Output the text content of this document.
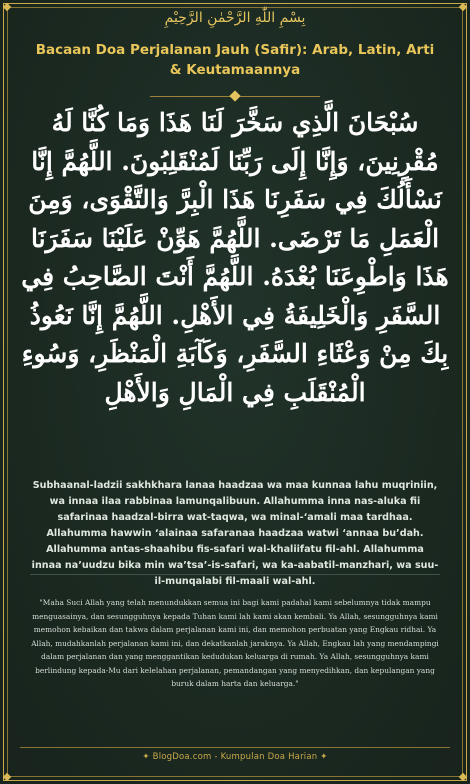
بِسْمِ اللّٰهِ الرَّحْمٰنِ الرَّحِيْمِ
Bacaan Doa Perjalanan Jauh (Safir): Arab, Latin, Arti & Keutamaannya
سُبْحَانَ الَّذِي سَخَّرَ لَنَا هَذَا وَمَا كُنَّا لَهُ مُقْرِنِينَ، وَإِنَّا إِلَى رَبِّنَا لَمُنْقَلِبُونَ. اللَّهُمَّ إِنَّا نَسْأَلُكَ فِي سَفَرِنَا هَذَا الْبِرَّ وَالتَّقْوَى، وَمِنَ الْعَمَلِ مَا تَرْضَى. اللَّهُمَّ هَوِّنْ عَلَيْنَا سَفَرَنَا هَذَا وَاطْوِعَنَا بُعْدَهُ. اللَّهُمَّ أَنْتَ الصَّاحِبُ فِي السَّفَرِ وَالْخَلِيفَةُ فِي الأَهْلِ. اللَّهُمَّ إِنَّا نَعُوذُ بِكَ مِنْ وَعْثَاءِ السَّفَرِ، وَكَآبَةِ الْمَنْظَرِ، وَسُوءِ الْمُنْقَلَبِ فِي الْمَالِ وَالأَهْلِ
Subhaanal-ladzii sakhkhara lanaa haadzaa wa maa kunnaa lahu muqriniin, wa innaa ilaa rabbinaa lamunqalibuun. Allahumma inna nas-aluka fii safarinaa haadzal-birra wat-taqwa, wa minal-‘amali maa tardhaa. Allahumma hawwin ‘alainaa safaranaa haadzaa watwi ‘annaa bu’dah. Allahumma antas-shaahibu fis-safari wal-khaliifatu fil-ahl. Allahumma innaa na’uudzu bika min wa’tsa’-is-safari, wa ka-aabatil-manzhari, wa suu-il-munqalabi fil-maali wal-ahl.
"Maha Suci Allah yang telah menundukkan semua ini bagi kami padahal kami sebelumnya tidak mampu menguasainya, dan sesungguhnya kepada Tuhan kami lah kami akan kembali. Ya Allah, sesungguhnya kami memohon kebaikan dan takwa dalam perjalanan kami ini, dan memohon perbuatan yang Engkau ridhai. Ya Allah, mudahkanlah perjalanan kami ini, dan dekatkanlah jaraknya. Ya Allah, Engkau lah yang mendampingi dalam perjalanan dan yang menggantikan kedudukan keluarga di rumah. Ya Allah, sesungguhnya kami berlindung kepada-Mu dari kelelahan perjalanan, pemandangan yang menyedihkan, dan kepulangan yang buruk dalam harta dan keluarga."
✦ BlogDoa.com - Kumpulan Doa Harian ✦
